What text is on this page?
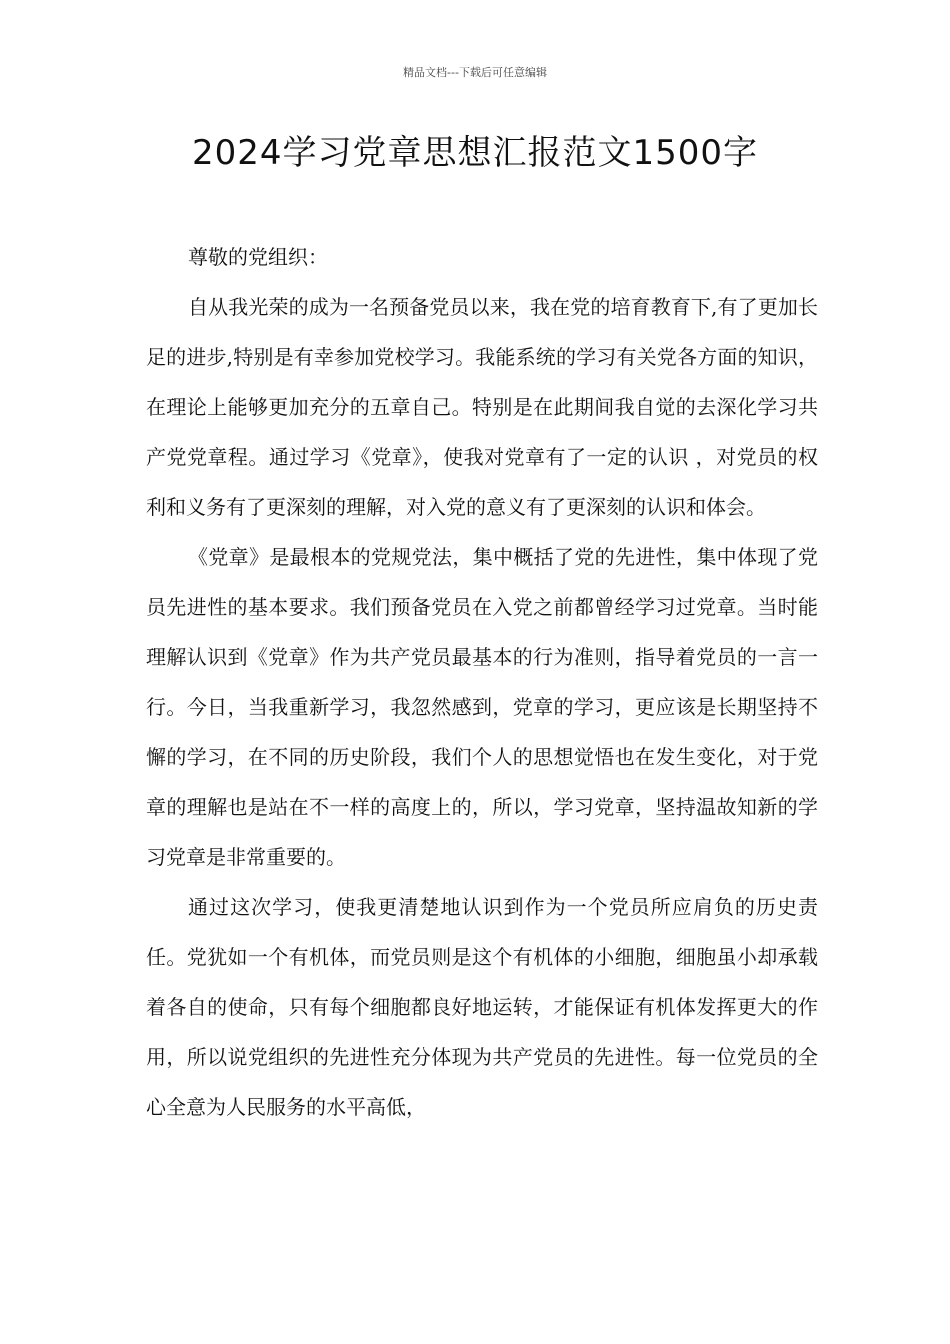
精品文档---下载后可任意编辑
2024学习党章思想汇报范文1500字

尊敬的党组织：

自从我光荣的成为一名预备党员以来，我在党的培育教育下,有了更加长足的进步,特别是有幸参加党校学习。我能系统的学习有关党各方面的知识，在理论上能够更加充分的五章自己。特别是在此期间我自觉的去深化学习共产党党章程。通过学习《党章》，使我对党章有了一定的认识 ，对党员的权利和义务有了更深刻的理解，对入党的意义有了更深刻的认识和体会。

《党章》是最根本的党规党法，集中概括了党的先进性，集中体现了党员先进性的基本要求。我们预备党员在入党之前都曾经学习过党章。当时能理解认识到《党章》作为共产党员最基本的行为准则，指导着党员的一言一行。今日，当我重新学习，我忽然感到，党章的学习，更应该是长期坚持不懈的学习，在不同的历史阶段，我们个人的思想觉悟也在发生变化，对于党章的理解也是站在不一样的高度上的，所以，学习党章，坚持温故知新的学习党章是非常重要的。

通过这次学习，使我更清楚地认识到作为一个党员所应肩负的历史责任。党犹如一个有机体，而党员则是这个有机体的小细胞，细胞虽小却承载着各自的使命，只有每个细胞都良好地运转，才能保证有机体发挥更大的作用，所以说党组织的先进性充分体现为共产党员的先进性。每一位党员的全心全意为人民服务的水平高低，
